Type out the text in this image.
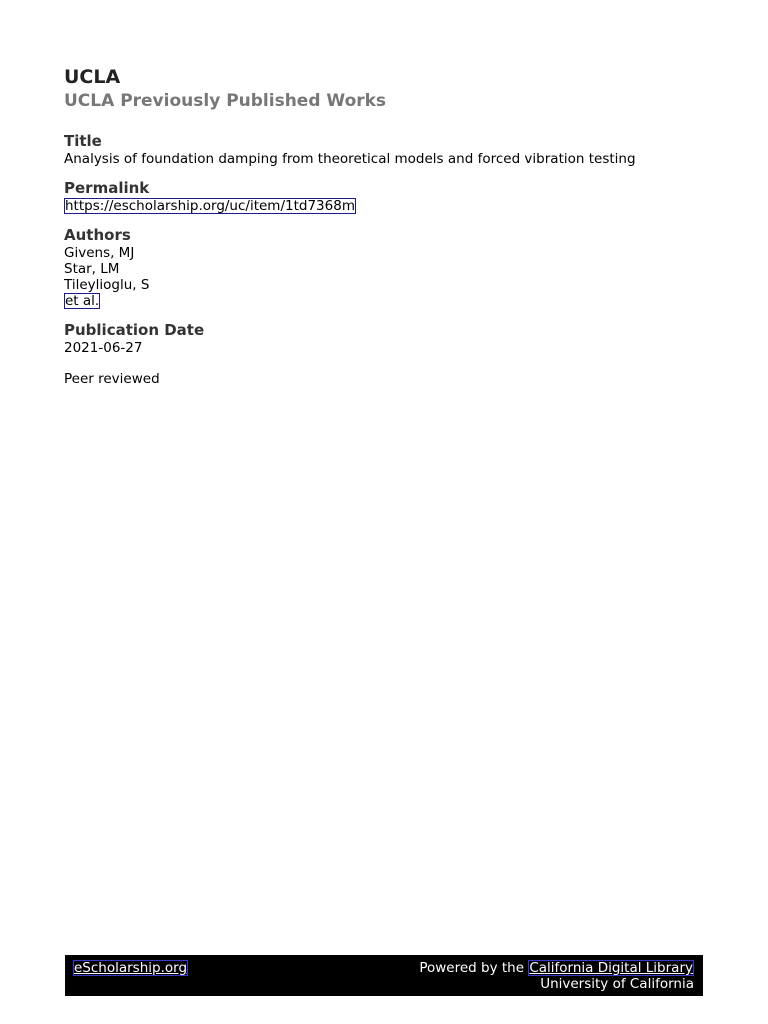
UCLA
UCLA Previously Published Works
Title
Analysis of foundation damping from theoretical models and forced vibration testing
Permalink
https://escholarship.org/uc/item/1td7368m
Authors
Givens, MJ
Star, LM
Tileylioglu, S
et al.
Publication Date
2021-06-27
Peer reviewed
eScholarship.org	Powered by the California Digital Library
University of California
